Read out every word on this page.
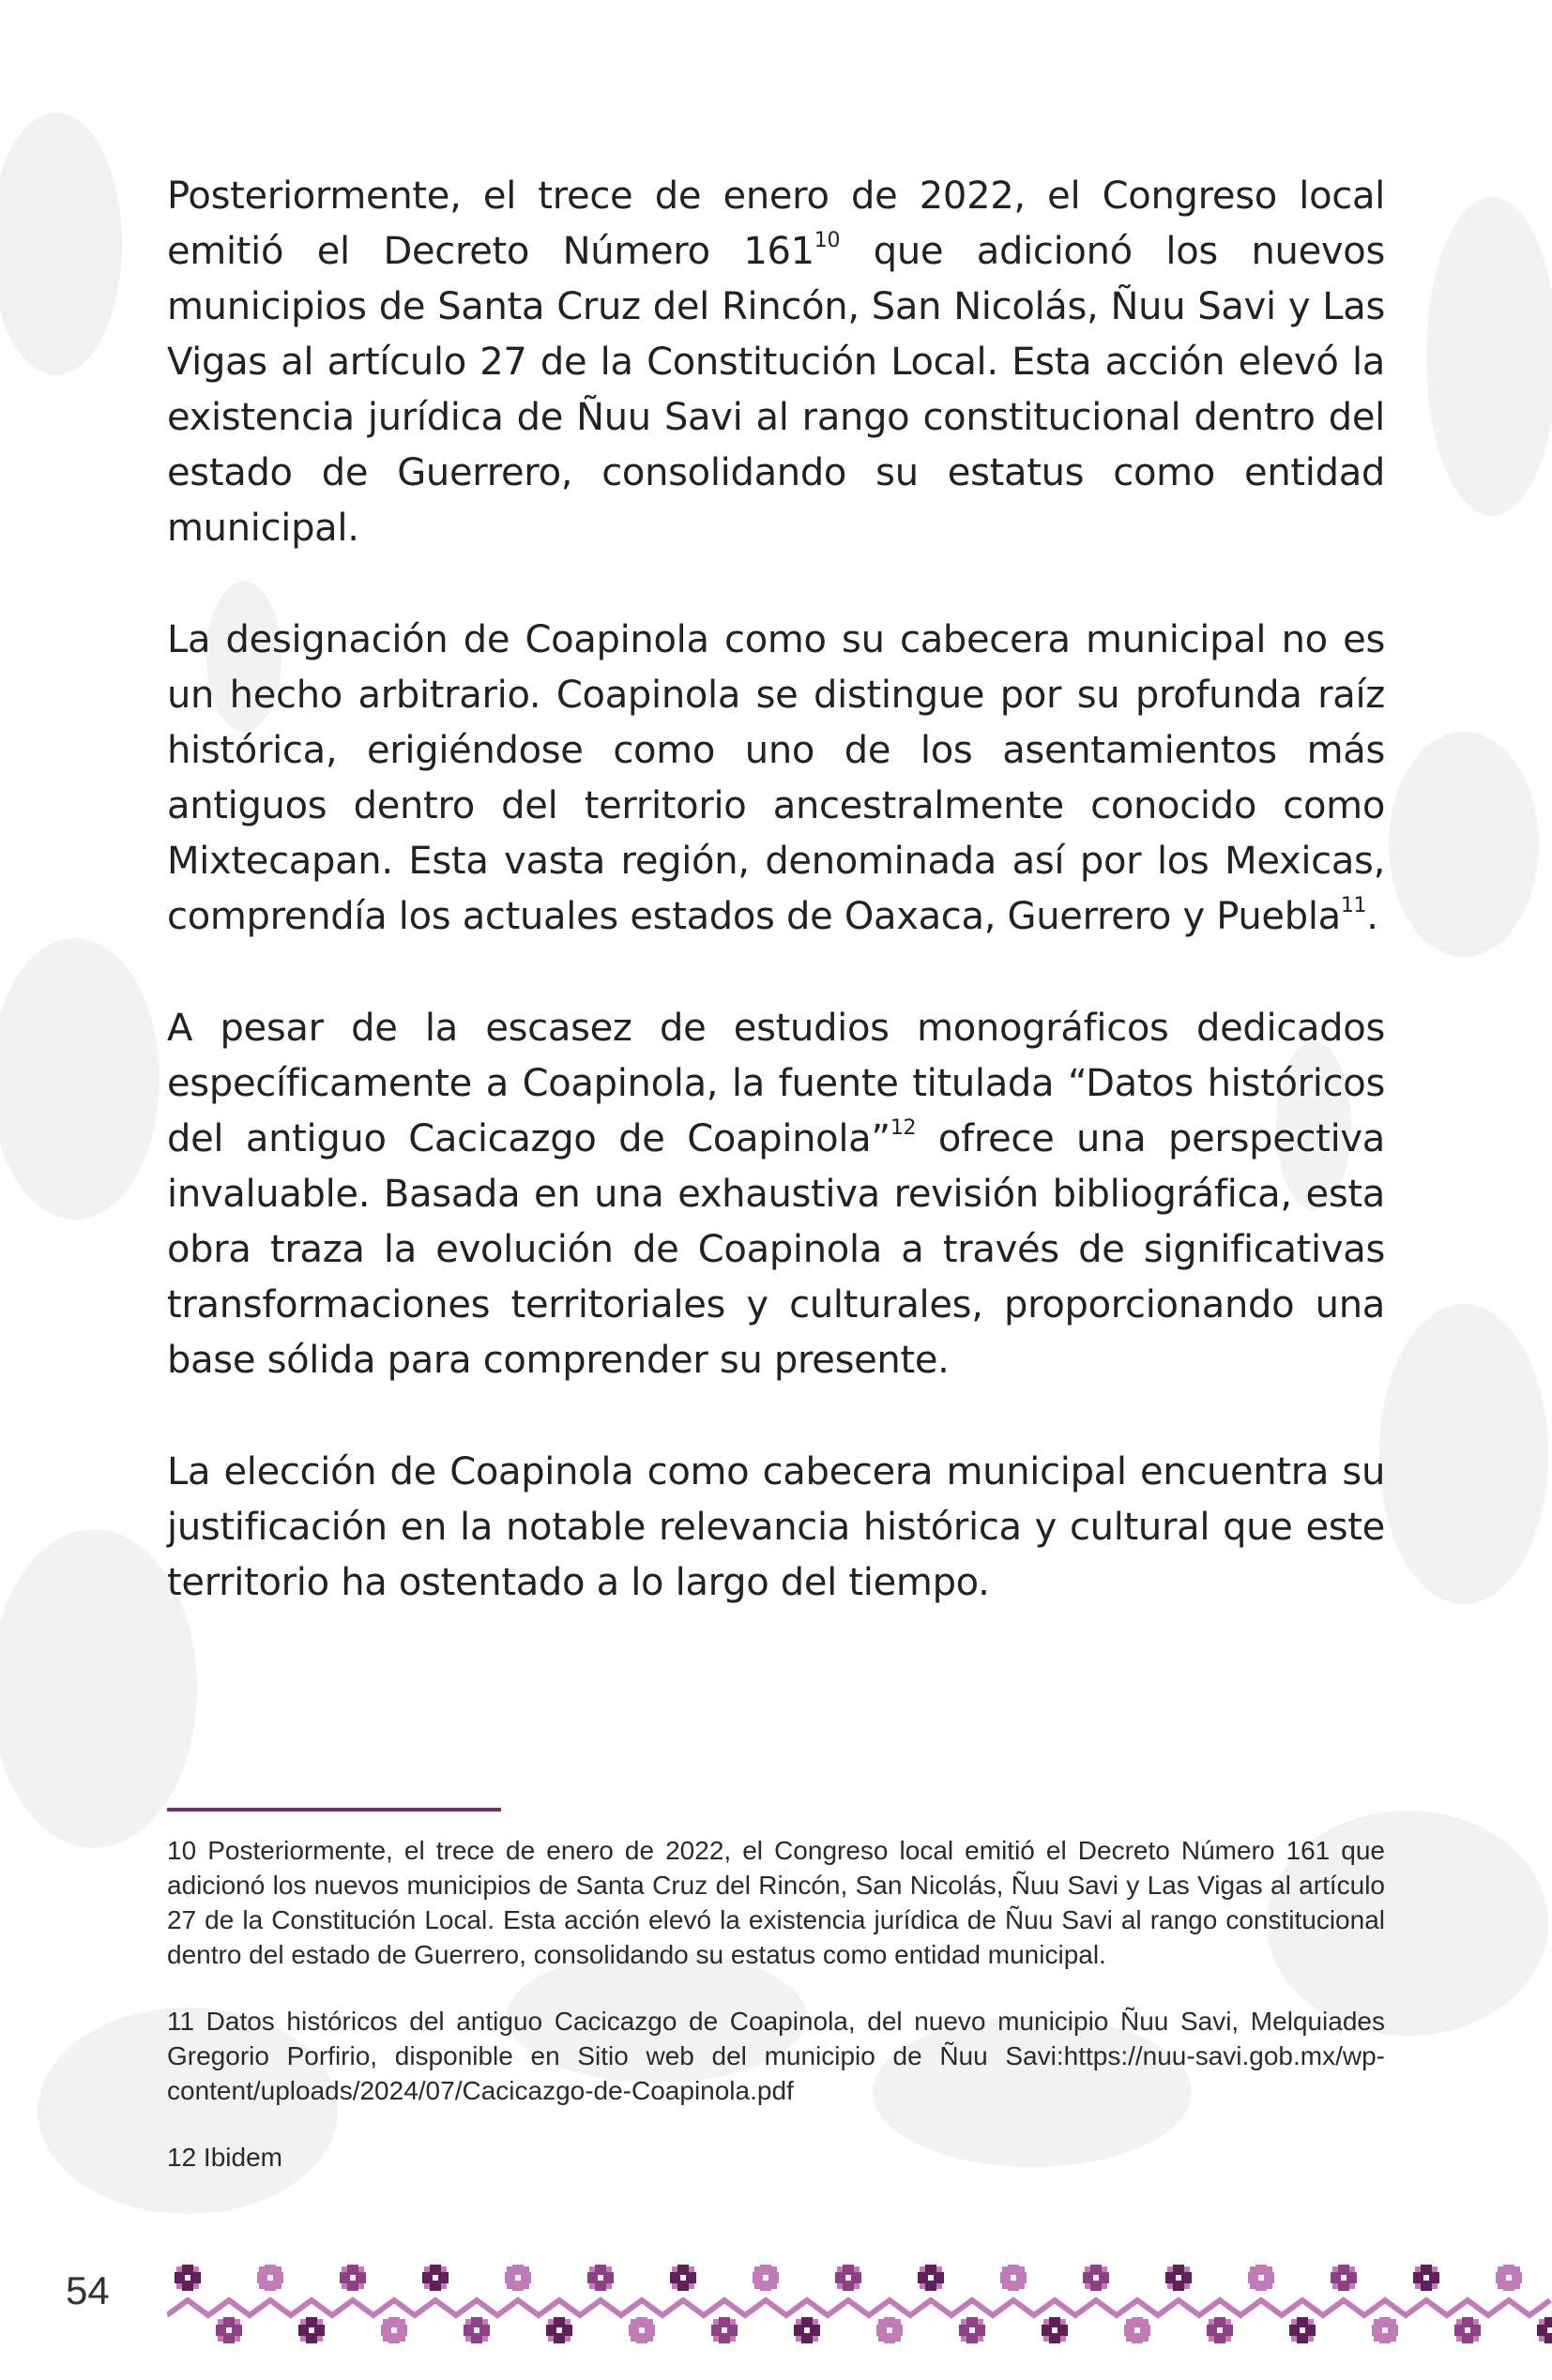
Posteriormente, el trece de enero de 2022, el Congreso local emitió el Decreto Número $161^{10}$ que adicionó los nuevos municipios de Santa Cruz del Rincón, San Nicolás, Ñuu Savi y Las Vigas al artículo 27 de la Constitución Local. Esta acción elevó la existencia jurídica de Ñuu Savi al rango constitucional dentro del estado de Guerrero, consolidando su estatus como entidad municipal.

La designación de Coapinola como su cabecera municipal no es un hecho arbitrario. Coapinola se distingue por su profunda raíz histórica, erigiéndose como uno de los asentamientos más antiguos dentro del territorio ancestralmente conocido como Mixtecapan. Esta vasta región, denominada así por los Mexicas, comprendía los actuales estados de Oaxaca, Guerrero y Puebla$^{11}$.

A pesar de la escasez de estudios monográficos dedicados específicamente a Coapinola, la fuente titulada “Datos históricos del antiguo Cacicazgo de Coapinola”$^{12}$ ofrece una perspectiva invaluable. Basada en una exhaustiva revisión bibliográfica, esta obra traza la evolución de Coapinola a través de significativas transformaciones territoriales y culturales, proporcionando una base sólida para comprender su presente.

La elección de Coapinola como cabecera municipal encuentra su justificación en la notable relevancia histórica y cultural que este territorio ha ostentado a lo largo del tiempo.

10 Posteriormente, el trece de enero de 2022, el Congreso local emitió el Decreto Número 161 que adicionó los nuevos municipios de Santa Cruz del Rincón, San Nicolás, Ñuu Savi y Las Vigas al artículo 27 de la Constitución Local. Esta acción elevó la existencia jurídica de Ñuu Savi al rango constitucional dentro del estado de Guerrero, consolidando su estatus como entidad municipal.

11 Datos históricos del antiguo Cacicazgo de Coapinola, del nuevo municipio Ñuu Savi, Melquiades Gregorio Porfirio, disponible en Sitio web del municipio de Ñuu Savi:https://nuu-savi.gob.mx/wp-content/uploads/2024/07/Cacicazgo-de-Coapinola.pdf

12 Ibidem

54
